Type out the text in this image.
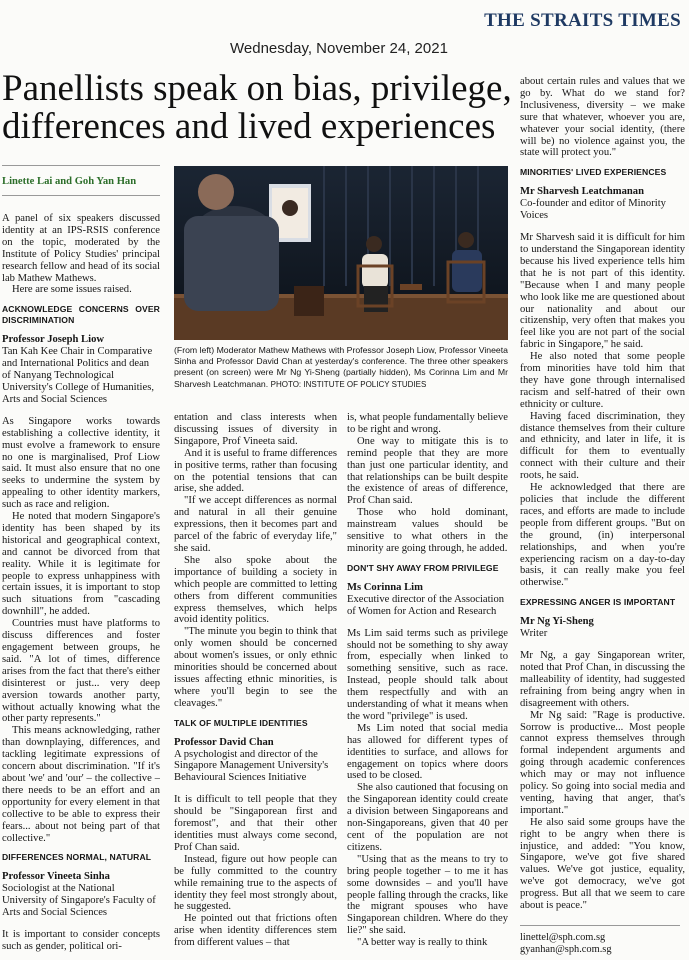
THE STRAITS TIMES
Wednesday, November 24, 2021
Panellists speak on bias, privilege, differences and lived experiences
Linette Lai and Goh Yan Han

A panel of six speakers discussed identity at an IPS-RSIS conference on the topic, moderated by the Institute of Policy Studies' principal research fellow and head of its social lab Mathew Mathews.

Here are some issues raised.

ACKNOWLEDGE CONCERNS OVER DISCRIMINATION
Professor Joseph Liow
Tan Kah Kee Chair in Comparative and International Politics and dean of Nanyang Technological University's College of Humanities, Arts and Social Sciences

As Singapore works towards establishing a collective identity, it must evolve a framework to ensure no one is marginalised, Prof Liow said. It must also ensure that no one seeks to undermine the system by appealing to other identity markers, such as race and religion.

He noted that modern Singapore's identity has been shaped by its historical and geographical context, and cannot be divorced from that reality. While it is legitimate for people to express unhappiness with certain issues, it is important to stop such situations from "cascading downhill", he added.

Countries must have platforms to discuss differences and foster engagement between groups, he said. "A lot of times, difference arises from the fact that there's either disinterest or just... very deep aversion towards another party, without actually knowing what the other party represents."

This means acknowledging, rather than downplaying, differences, and tackling legitimate expressions of concern about discrimination. "If it's about 'we' and 'our' – the collective – there needs to be an effort and an opportunity for every element in that collective to be able to express their fears... about not being part of that collective."

DIFFERENCES NORMAL, NATURAL
Professor Vineeta Sinha
Sociologist at the National University of Singapore's Faculty of Arts and Social Sciences

It is important to consider concepts such as gender, political ori-

(From left) Moderator Mathew Mathews with Professor Joseph Liow, Professor Vineeta Sinha and Professor David Chan at yesterday's conference. The three other speakers present (on screen) were Mr Ng Yi-Sheng (partially hidden), Ms Corinna Lim and Mr Sharvesh Leatchmanan. PHOTO: INSTITUTE OF POLICY STUDIES

entation and class interests when discussing issues of diversity in Singapore, Prof Vineeta said.

And it is useful to frame differences in positive terms, rather than focusing on the potential tensions that can arise, she added.

"If we accept differences as normal and natural in all their genuine expressions, then it becomes part and parcel of the fabric of everyday life," she said.

She also spoke about the importance of building a society in which people are committed to letting others from different communities express themselves, which helps avoid identity politics.

"The minute you begin to think that only women should be concerned about women's issues, or only ethnic minorities should be concerned about issues affecting ethnic minorities, is where you'll begin to see the cleavages."

TALK OF MULTIPLE IDENTITIES
Professor David Chan
A psychologist and director of the Singapore Management University's Behavioural Sciences Initiative

It is difficult to tell people that they should be "Singaporean first and foremost", and that their other identities must always come second, Prof Chan said.

Instead, figure out how people can be fully committed to the country while remaining true to the aspects of identity they feel most strongly about, he suggested.

He pointed out that frictions often arise when identity differences stem from different values – that

is, what people fundamentally believe to be right and wrong.

One way to mitigate this is to remind people that they are more than just one particular identity, and that relationships can be built despite the existence of areas of difference, Prof Chan said.

Those who hold dominant, mainstream values should be sensitive to what others in the minority are going through, he added.

DON'T SHY AWAY FROM PRIVILEGE
Ms Corinna Lim
Executive director of the Association of Women for Action and Research

Ms Lim said terms such as privilege should not be something to shy away from, especially when linked to something sensitive, such as race. Instead, people should talk about them respectfully and with an understanding of what it means when the word "privilege" is used.

Ms Lim noted that social media has allowed for different types of identities to surface, and allows for engagement on topics where doors used to be closed.

She also cautioned that focusing on the Singaporean identity could create a division between Singaporeans and non-Singaporeans, given that 40 per cent of the population are not citizens.

"Using that as the means to try to bring people together – to me it has some downsides – and you'll have people falling through the cracks, like the migrant spouses who have Singaporean children. Where do they lie?" she said.

"A better way is really to think

about certain rules and values that we go by. What do we stand for? Inclusiveness, diversity – we make sure that whatever, whoever you are, whatever your social identity, (there will be) no violence against you, the state will protect you."

MINORITIES' LIVED EXPERIENCES
Mr Sharvesh Leatchmanan
Co-founder and editor of Minority Voices

Mr Sharvesh said it is difficult for him to understand the Singaporean identity because his lived experience tells him that he is not part of this identity. "Because when I and many people who look like me are questioned about our nationality and about our citizenship, very often that makes you feel like you are not part of the social fabric in Singapore," he said.

He also noted that some people from minorities have told him that they have gone through internalised racism and self-hatred of their own ethnicity or culture.

Having faced discrimination, they distance themselves from their culture and ethnicity, and later in life, it is difficult for them to eventually connect with their culture and their roots, he said.

He acknowledged that there are policies that include the different races, and efforts are made to include people from different groups. "But on the ground, (in) interpersonal relationships, and when you're experiencing racism on a day-to-day basis, it can really make you feel otherwise."

EXPRESSING ANGER IS IMPORTANT
Mr Ng Yi-Sheng
Writer

Mr Ng, a gay Singaporean writer, noted that Prof Chan, in discussing the malleability of identity, had suggested refraining from being angry when in disagreement with others.

Mr Ng said: "Rage is productive. Sorrow is productive... Most people cannot express themselves through formal independent arguments and going through academic conferences which may or may not influence policy. So going into social media and venting, having that anger, that's important."

He also said some groups have the right to be angry when there is injustice, and added: "You know, Singapore, we've got five shared values. We've got justice, equality, we've got democracy, we've got progress. But all that we seem to care about is peace."

linettel@sph.com.sg
gyanhan@sph.com.sg
